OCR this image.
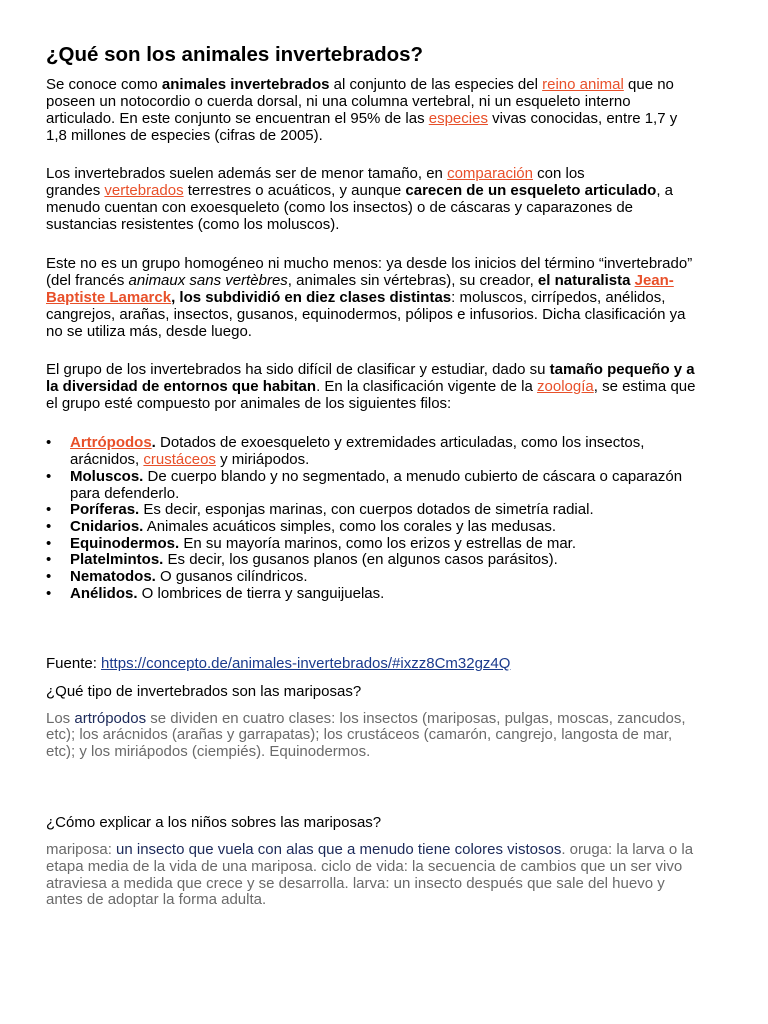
¿Qué son los animales invertebrados?
Se conoce como animales invertebrados al conjunto de las especies del reino animal que no
poseen un notocordio o cuerda dorsal, ni una columna vertebral, ni un esqueleto interno
articulado. En este conjunto se encuentran el 95% de las especies vivas conocidas, entre 1,7 y
1,8 millones de especies (cifras de 2005).
Los invertebrados suelen además ser de menor tamaño, en comparación con los
grandes vertebrados terrestres o acuáticos, y aunque carecen de un esqueleto articulado, a
menudo cuentan con exoesqueleto (como los insectos) o de cáscaras y caparazones de
sustancias resistentes (como los moluscos).
Este no es un grupo homogéneo ni mucho menos: ya desde los inicios del término “invertebrado”
(del francés animaux sans vertèbres, animales sin vértebras), su creador, el naturalista Jean-
Baptiste Lamarck, los subdividió en diez clases distintas: moluscos, cirrípedos, anélidos,
cangrejos, arañas, insectos, gusanos, equinodermos, pólipos e infusorios. Dicha clasificación ya
no se utiliza más, desde luego.
El grupo de los invertebrados ha sido difícil de clasificar y estudiar, dado su tamaño pequeño y a
la diversidad de entornos que habitan. En la clasificación vigente de la zoología, se estima que
el grupo esté compuesto por animales de los siguientes filos:
• Artrópodos. Dotados de exoesqueleto y extremidades articuladas, como los insectos,
arácnidos, crustáceos y miriápodos.
• Moluscos. De cuerpo blando y no segmentado, a menudo cubierto de cáscara o caparazón
para defenderlo.
• Poríferas. Es decir, esponjas marinas, con cuerpos dotados de simetría radial.
• Cnidarios. Animales acuáticos simples, como los corales y las medusas.
• Equinodermos. En su mayoría marinos, como los erizos y estrellas de mar.
• Platelmintos. Es decir, los gusanos planos (en algunos casos parásitos).
• Nematodos. O gusanos cilíndricos.
• Anélidos. O lombrices de tierra y sanguijuelas.
Fuente: https://concepto.de/animales-invertebrados/#ixzz8Cm32gz4Q
¿Qué tipo de invertebrados son las mariposas?
Los artrópodos se dividen en cuatro clases: los insectos (mariposas, pulgas, moscas, zancudos,
etc); los arácnidos (arañas y garrapatas); los crustáceos (camarón, cangrejo, langosta de mar,
etc); y los miriápodos (ciempiés). Equinodermos.
¿Cómo explicar a los niños sobres las mariposas?
mariposa: un insecto que vuela con alas que a menudo tiene colores vistosos. oruga: la larva o la
etapa media de la vida de una mariposa. ciclo de vida: la secuencia de cambios que un ser vivo
atraviesa a medida que crece y se desarrolla. larva: un insecto después que sale del huevo y
antes de adoptar la forma adulta.
